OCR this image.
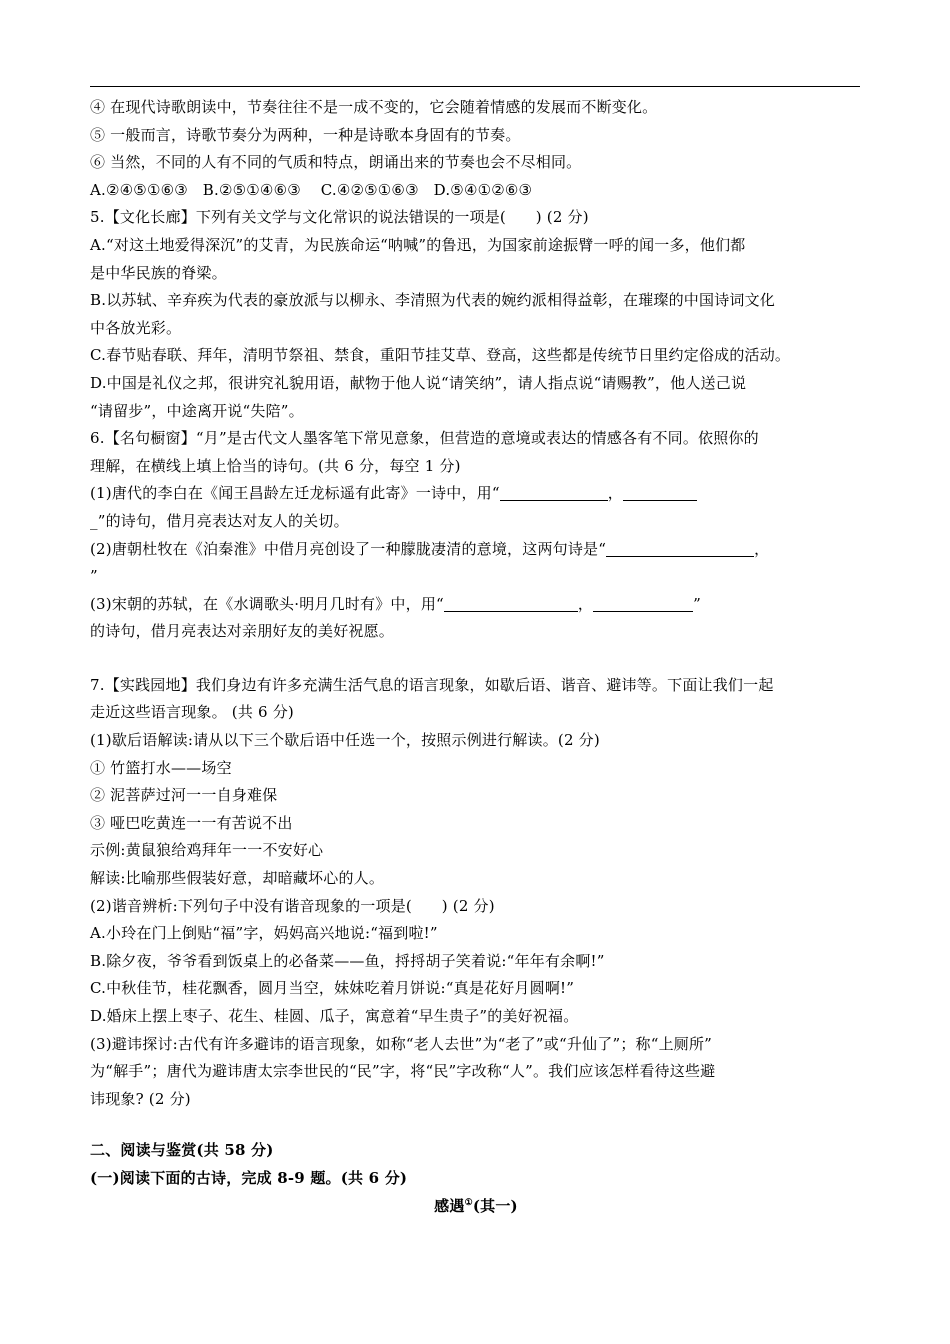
④ 在现代诗歌朗读中，节奏往往不是一成不变的，它会随着情感的发展而不断变化。
⑤ 一般而言，诗歌节奏分为两种，一种是诗歌本身固有的节奏。
⑥ 当然，不同的人有不同的气质和特点，朗诵出来的节奏也会不尽相同。
A.②④⑤①⑥③   B.②⑤①④⑥③    C.④②⑤①⑥③   D.⑤④①②⑥③
5.【文化长廊】下列有关文学与文化常识的说法错误的一项是(      ) (2 分)
A.“对这土地爱得深沉”的艾青，为民族命运“呐喊”的鲁迅，为国家前途振臂一呼的闻一多，他们都
是中华民族的脊梁。
B.以苏轼、辛弃疾为代表的豪放派与以柳永、李清照为代表的婉约派相得益彰，在璀璨的中国诗词文化
中各放光彩。
C.春节贴春联、拜年，清明节祭祖、禁食，重阳节挂艾草、登高，这些都是传统节日里约定俗成的活动。
D.中国是礼仪之邦，很讲究礼貌用语，献物于他人说“请笑纳”，请人指点说“请赐教”，他人送己说
“请留步”，中途离开说“失陪”。
6.【名句橱窗】“月”是古代文人墨客笔下常见意象，但营造的意境或表达的情感各有不同。依照你的
理解，在横线上填上恰当的诗句。(共 6 分，每空 1 分)
(1)唐代的李白在《闻王昌龄左迁龙标遥有此寄》一诗中，用“	，
_”的诗句，借月亮表达对友人的关切。
(2)唐朝杜牧在《泊秦淮》中借月亮创设了一种朦胧凄清的意境，这两句诗是“	，
”
(3)宋朝的苏轼，在《水调歌头·明月几时有》中，用“	，	”
的诗句，借月亮表达对亲朋好友的美好祝愿。
7.【实践园地】我们身边有许多充满生活气息的语言现象，如歇后语、谐音、避讳等。下面让我们一起
走近这些语言现象。 (共 6 分)
(1)歇后语解读:请从以下三个歇后语中任选一个，按照示例进行解读。(2 分)
① 竹篮打水——场空
② 泥菩萨过河一一自身难保
③ 哑巴吃黄连一一有苦说不出
示例:黄鼠狼给鸡拜年一一不安好心
解读:比喻那些假装好意，却暗藏坏心的人。
(2)谐音辨析:下列句子中没有谐音现象的一项是(      ) (2 分)
A.小玲在门上倒贴“福”字，妈妈高兴地说:“福到啦!”
B.除夕夜，爷爷看到饭桌上的必备菜——鱼，捋捋胡子笑着说:“年年有余啊!”
C.中秋佳节，桂花飘香，圆月当空，妹妹吃着月饼说:“真是花好月圆啊!”
D.婚床上摆上枣子、花生、桂圆、瓜子，寓意着“早生贵子”的美好祝福。
(3)避讳探讨:古代有许多避讳的语言现象，如称“老人去世”为“老了”或“升仙了”；称“上厕所”
为“解手”；唐代为避讳唐太宗李世民的“民”字，将“民”字改称“人”。我们应该怎样看待这些避
讳现象? (2 分)
二、阅读与鉴赏(共 58 分)
(一)阅读下面的古诗，完成 8-9 题。(共 6 分)
感遇①(其一)
